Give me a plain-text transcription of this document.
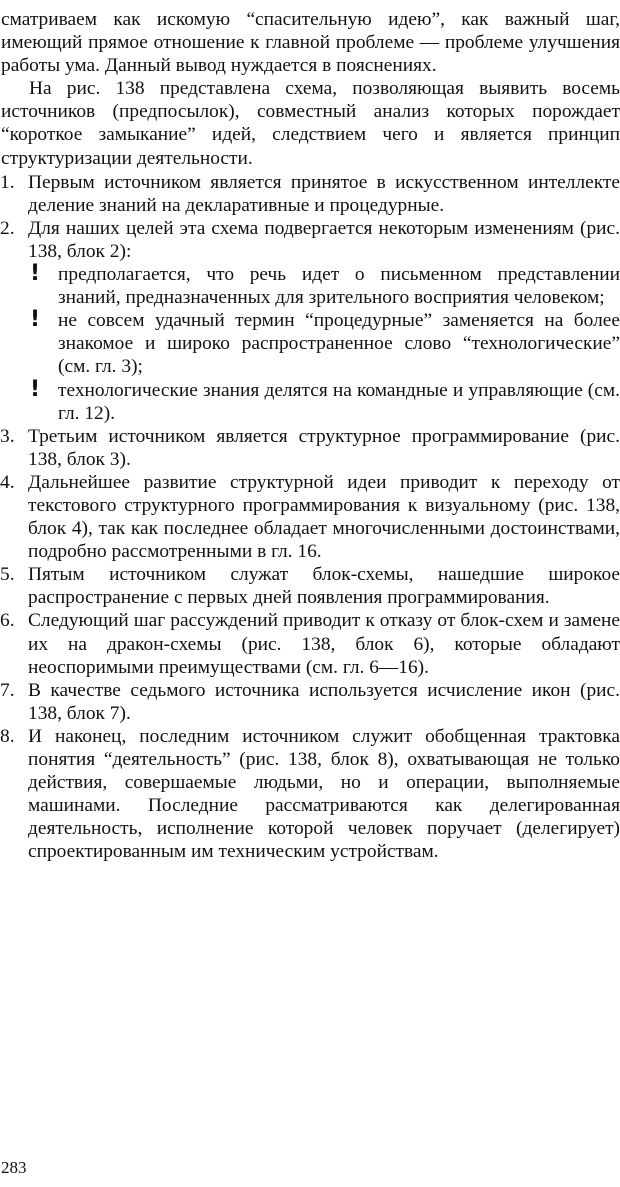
сматриваем как искомую “спасительную идею”, как важный шаг, имеющий прямое отношение к главной проблеме — проблеме улучшения работы ума. Данный вывод нуждается в пояснениях.

На рис. 138 представлена схема, позволяющая выявить восемь источников (предпосылок), совместный анализ которых порождает “короткое замыкание” идей, следствием чего и является принцип структуризации деятельности.

1. Первым источником является принятое в искусственном интеллекте деление знаний на декларативные и процедурные.
2. Для наших целей эта схема подвергается некоторым изменениям (рис. 138, блок 2):
! предполагается, что речь идет о письменном представлении знаний, предназначенных для зрительного восприятия человеком;
! не совсем удачный термин “процедурные” заменяется на более знакомое и широко распространенное слово “технологические” (см. гл. 3);
! технологические знания делятся на командные и управляющие (см. гл. 12).
3. Третьим источником является структурное программирование (рис. 138, блок 3).
4. Дальнейшее развитие структурной идеи приводит к переходу от текстового структурного программирования к визуальному (рис. 138, блок 4), так как последнее обладает многочисленными достоинствами, подробно рассмотренными в гл. 16.
5. Пятым источником служат блок-схемы, нашедшие широкое распространение с первых дней появления программирования.
6. Следующий шаг рассуждений приводит к отказу от блок-схем и замене их на дракон-схемы (рис. 138, блок 6), которые обладают неоспоримыми преимуществами (см. гл. 6—16).
7. В качестве седьмого источника используется исчисление икон (рис. 138, блок 7).
8. И наконец, последним источником служит обобщенная трактовка понятия “деятельность” (рис. 138, блок 8), охватывающая не только действия, совершаемые людьми, но и операции, выполняемые машинами. Последние рассматриваются как делегированная деятельность, исполнение которой человек поручает (делегирует) спроектированным им техническим устройствам.
283
